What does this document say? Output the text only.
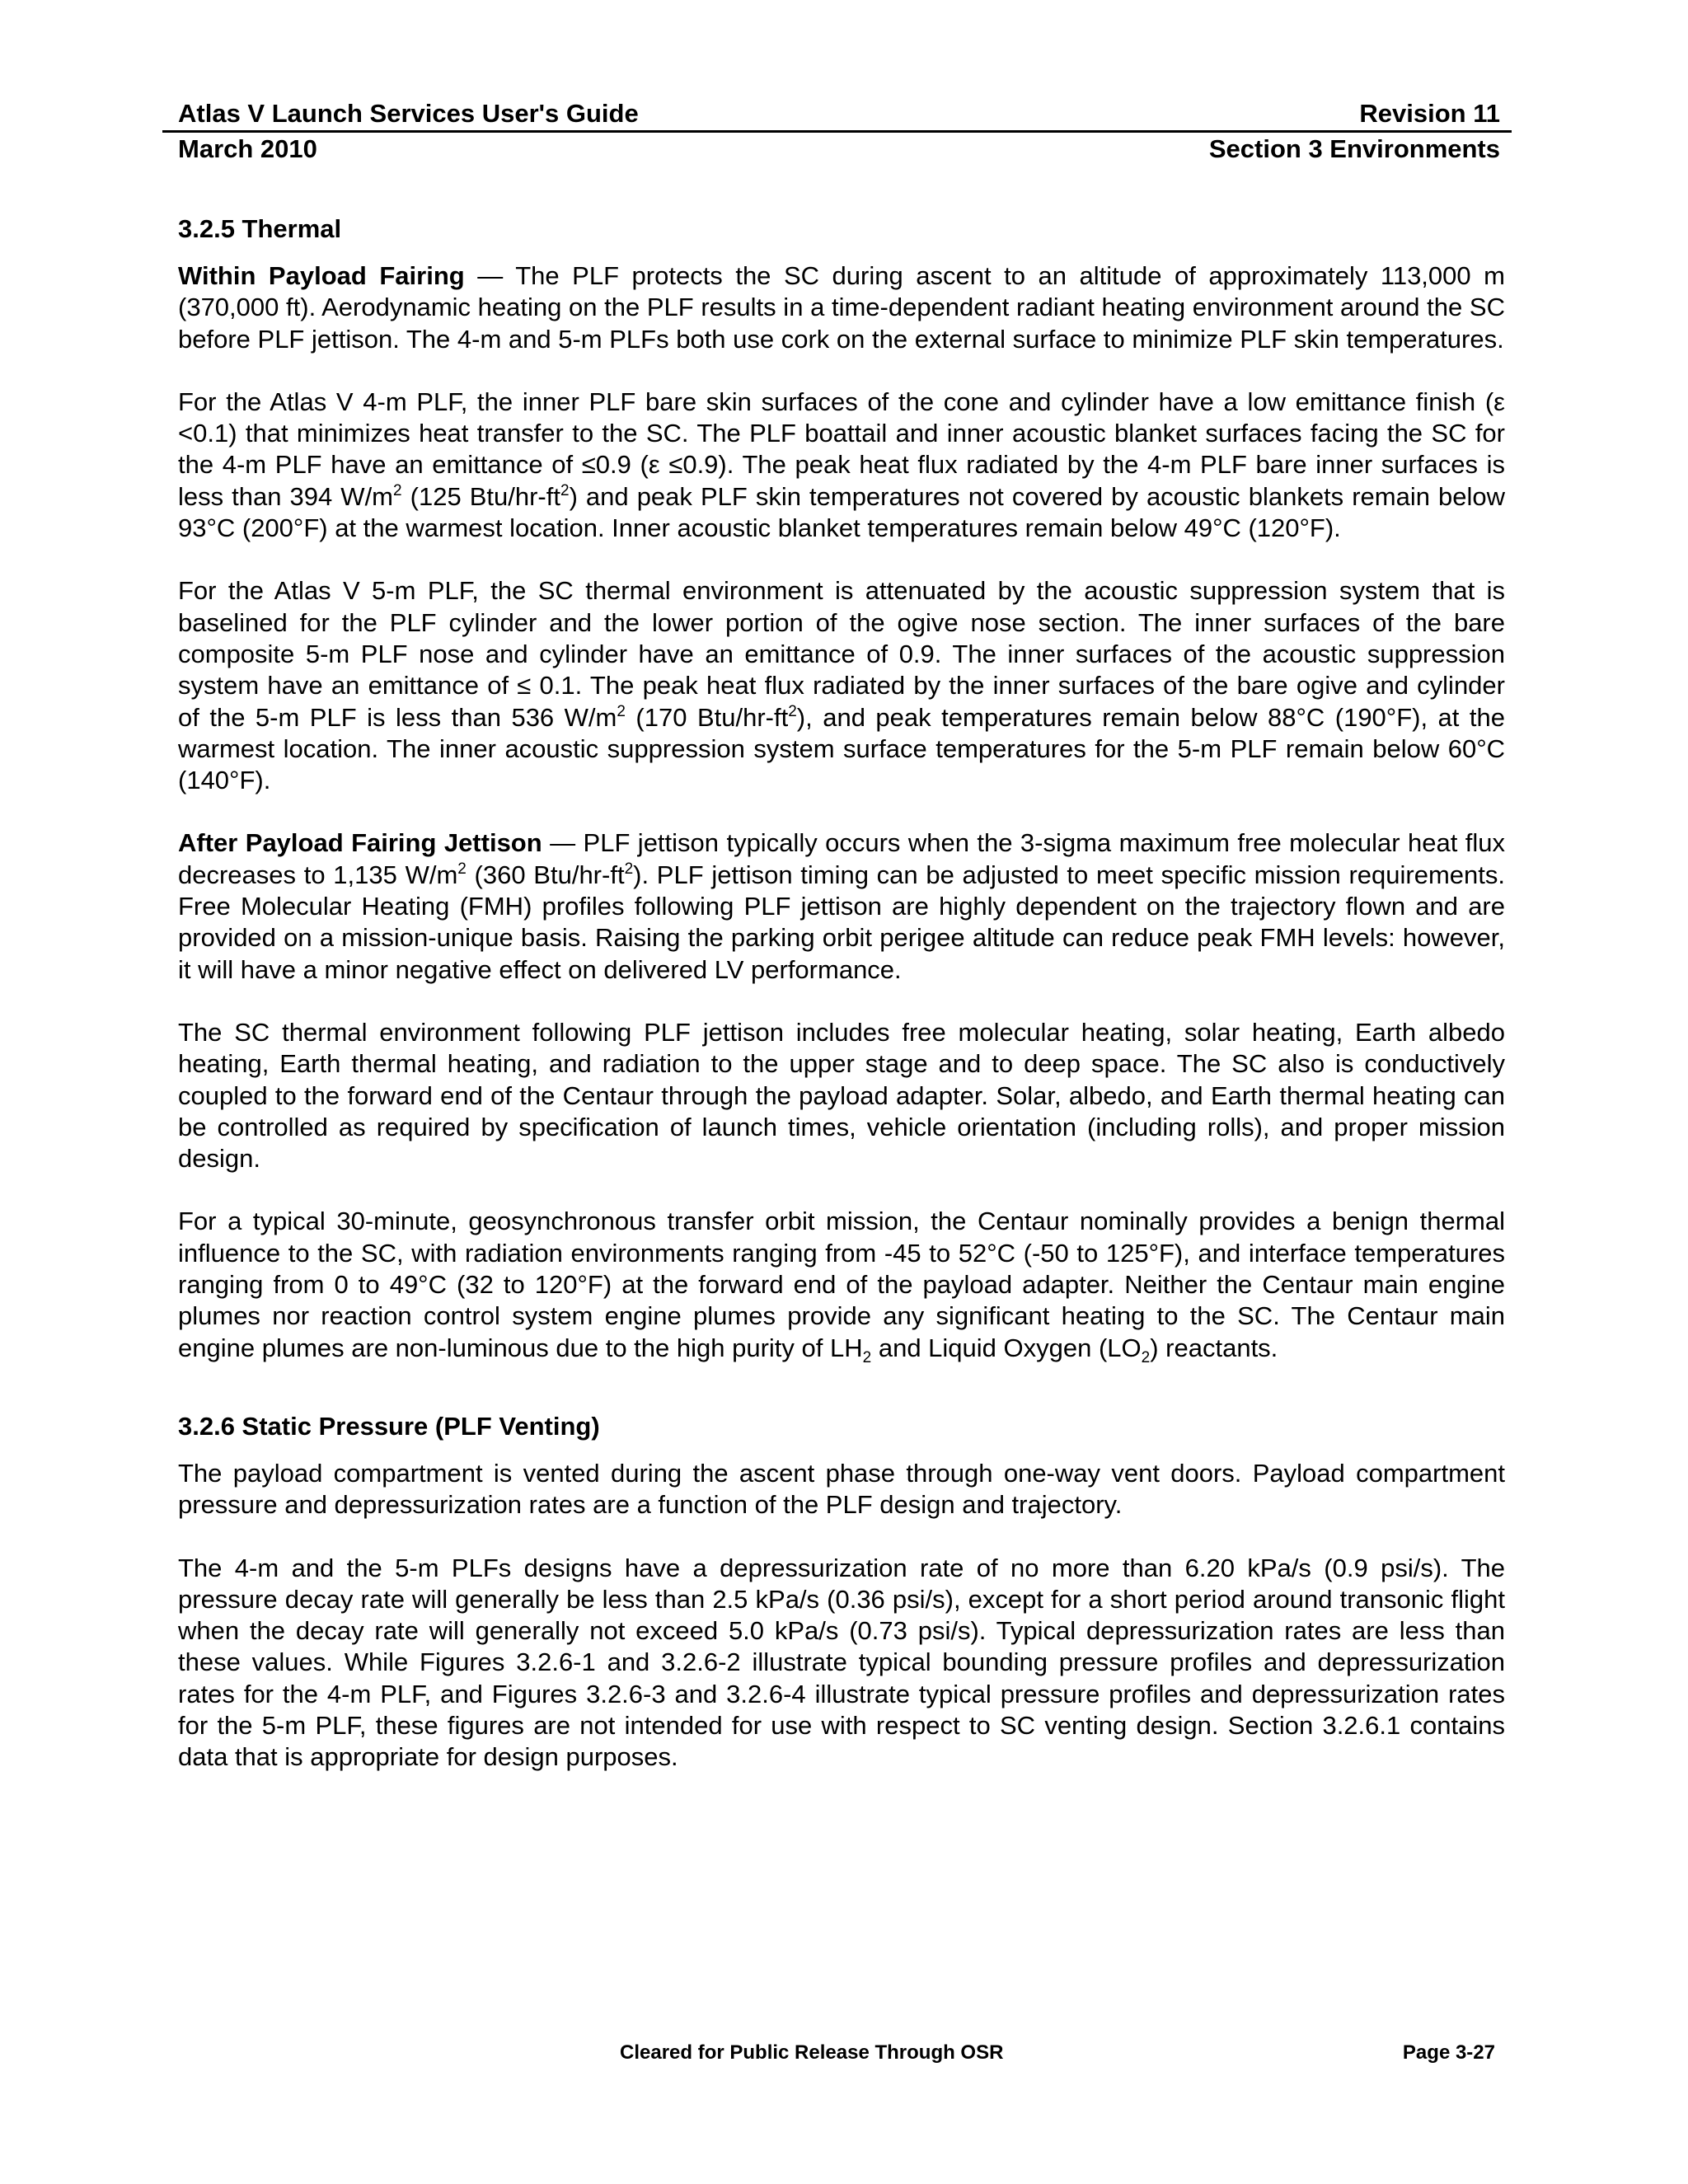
Atlas V Launch Services User's Guide	Revision 11
March 2010	Section 3 Environments
3.2.5 Thermal

Within Payload Fairing — The PLF protects the SC during ascent to an altitude of approximately 113,000 m (370,000 ft). Aerodynamic heating on the PLF results in a time-dependent radiant heating environment around the SC before PLF jettison. The 4-m and 5-m PLFs both use cork on the external surface to minimize PLF skin temperatures.

For the Atlas V 4-m PLF, the inner PLF bare skin surfaces of the cone and cylinder have a low emittance finish (ε <0.1) that minimizes heat transfer to the SC. The PLF boattail and inner acoustic blanket surfaces facing the SC for the 4-m PLF have an emittance of ≤0.9 (ε ≤0.9). The peak heat flux radiated by the 4-m PLF bare inner surfaces is less than 394 $W/m^2$ (125 Btu/$hr-ft^2$) and peak PLF skin temperatures not covered by acoustic blankets remain below 93°C (200°F) at the warmest location. Inner acoustic blanket temperatures remain below 49°C (120°F).

For the Atlas V 5-m PLF, the SC thermal environment is attenuated by the acoustic suppression system that is baselined for the PLF cylinder and the lower portion of the ogive nose section. The inner surfaces of the bare composite 5-m PLF nose and cylinder have an emittance of 0.9. The inner surfaces of the acoustic suppression system have an emittance of ≤ 0.1. The peak heat flux radiated by the inner surfaces of the bare ogive and cylinder of the 5-m PLF is less than 536 $W/m^2$ (170 Btu/$hr-ft^2$), and peak temperatures remain below 88°C (190°F), at the warmest location. The inner acoustic suppression system surface temperatures for the 5-m PLF remain below 60°C (140°F).

After Payload Fairing Jettison — PLF jettison typically occurs when the 3-sigma maximum free molecular heat flux decreases to 1,135 $W/m^2$ (360 Btu/$hr-ft^2$). PLF jettison timing can be adjusted to meet specific mission requirements. Free Molecular Heating (FMH) profiles following PLF jettison are highly dependent on the trajectory flown and are provided on a mission-unique basis. Raising the parking orbit perigee altitude can reduce peak FMH levels: however, it will have a minor negative effect on delivered LV performance.

The SC thermal environment following PLF jettison includes free molecular heating, solar heating, Earth albedo heating, Earth thermal heating, and radiation to the upper stage and to deep space. The SC also is conductively coupled to the forward end of the Centaur through the payload adapter. Solar, albedo, and Earth thermal heating can be controlled as required by specification of launch times, vehicle orientation (including rolls), and proper mission design.

For a typical 30-minute, geosynchronous transfer orbit mission, the Centaur nominally provides a benign thermal influence to the SC, with radiation environments ranging from -45 to 52°C (-50 to 125°F), and interface temperatures ranging from 0 to 49°C (32 to 120°F) at the forward end of the payload adapter. Neither the Centaur main engine plumes nor reaction control system engine plumes provide any significant heating to the SC. The Centaur main engine plumes are non-luminous due to the high purity of $LH_2$ and Liquid Oxygen $(LO_2)$ reactants.

3.2.6 Static Pressure (PLF Venting)

The payload compartment is vented during the ascent phase through one-way vent doors. Payload compartment pressure and depressurization rates are a function of the PLF design and trajectory.

The 4-m and the 5-m PLFs designs have a depressurization rate of no more than 6.20 kPa/s (0.9 psi/s). The pressure decay rate will generally be less than 2.5 kPa/s (0.36 psi/s), except for a short period around transonic flight when the decay rate will generally not exceed 5.0 kPa/s (0.73 psi/s). Typical depressurization rates are less than these values. While Figures 3.2.6-1 and 3.2.6-2 illustrate typical bounding pressure profiles and depressurization rates for the 4-m PLF, and Figures 3.2.6-3 and 3.2.6-4 illustrate typical pressure profiles and depressurization rates for the 5-m PLF, these figures are not intended for use with respect to SC venting design. Section 3.2.6.1 contains data that is appropriate for design purposes.

Cleared for Public Release Through OSR	Page 3-27
